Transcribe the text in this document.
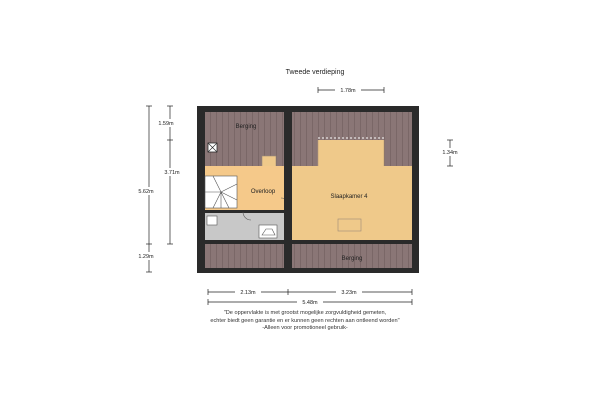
Berging
Overloop
Slaapkamer 4
Berging
1.78m
1.59m
3.71m
5.62m
1.29m
1.34m
2.13m	3.23m
5.48m
Tweede verdieping
"De oppervlakte is met grootst mogelijke zorgvuldigheid gemeten,
echter biedt geen garantie en er kunnen geen rechten aan ontleend worden"
-Alleen voor promotioneel gebruik-
